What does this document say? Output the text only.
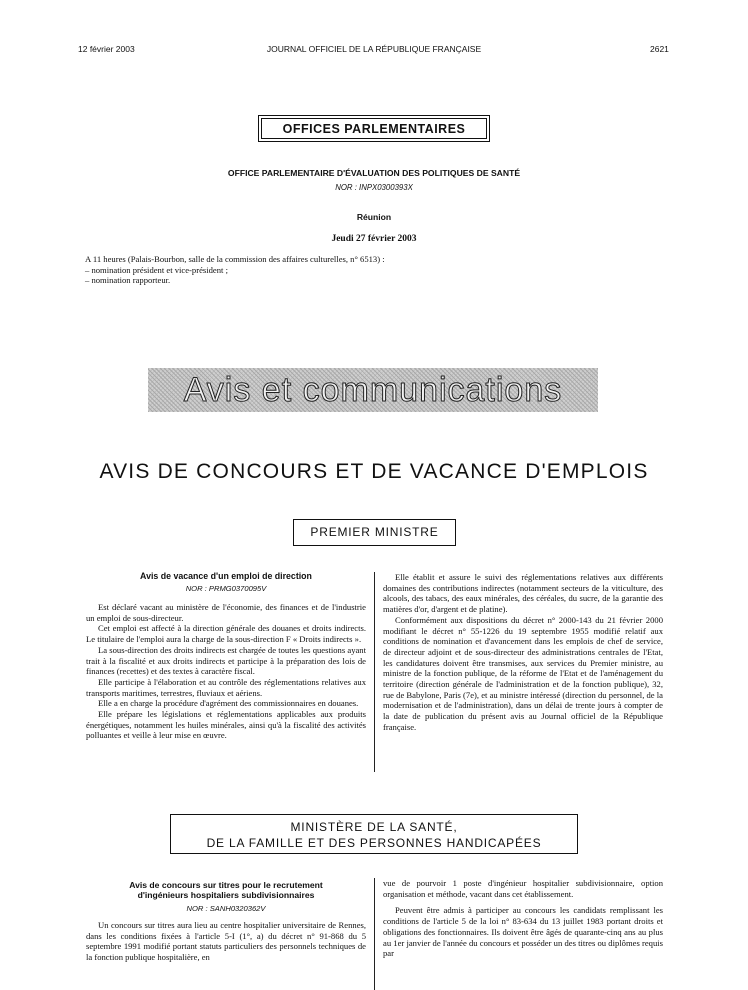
12 février 2003	JOURNAL OFFICIEL DE LA RÉPUBLIQUE FRANÇAISE	2621
OFFICES PARLEMENTAIRES
OFFICE PARLEMENTAIRE D'ÉVALUATION DES POLITIQUES DE SANTÉ
NOR : INPX0300393X
Réunion
Jeudi 27 février 2003
A 11 heures (Palais-Bourbon, salle de la commission des affaires culturelles, n° 6513) :
– nomination président et vice-président ;
– nomination rapporteur.
Avis et communications
AVIS DE CONCOURS ET DE VACANCE D'EMPLOIS
PREMIER MINISTRE
Avis de vacance d'un emploi de direction
NOR : PRMG0370095V

Est déclaré vacant au ministère de l'économie, des finances et de l'industrie un emploi de sous-directeur.

Cet emploi est affecté à la direction générale des douanes et droits indirects. Le titulaire de l'emploi aura la charge de la sous-direction F « Droits indirects ».

La sous-direction des droits indirects est chargée de toutes les questions ayant trait à la fiscalité et aux droits indirects et participe à la préparation des lois de finances (recettes) et des textes à caractère fiscal.

Elle participe à l'élaboration et au contrôle des réglementations relatives aux transports maritimes, terrestres, fluviaux et aériens.

Elle a en charge la procédure d'agrément des commissionnaires en douanes.

Elle prépare les législations et réglementations applicables aux produits énergétiques, notamment les huiles minérales, ainsi qu'à la fiscalité des activités polluantes et veille à leur mise en œuvre.

Elle établit et assure le suivi des réglementations relatives aux différents domaines des contributions indirectes (notamment secteurs de la viticulture, des alcools, des tabacs, des eaux minérales, des céréales, du sucre, de la garantie des matières d'or, d'argent et de platine).

Conformément aux dispositions du décret n° 2000-143 du 21 février 2000 modifiant le décret n° 55-1226 du 19 septembre 1955 modifié relatif aux conditions de nomination et d'avancement dans les emplois de chef de service, de directeur adjoint et de sous-directeur des administrations centrales de l'Etat, les candidatures doivent être transmises, aux services du Premier ministre, au ministre de la fonction publique, de la réforme de l'Etat et de l'aménagement du territoire (direction générale de l'administration et de la fonction publique), 32, rue de Babylone, Paris (7e), et au ministre intéressé (direction du personnel, de la modernisation et de l'administration), dans un délai de trente jours à compter de la date de publication du présent avis au Journal officiel de la République française.

MINISTÈRE DE LA SANTÉ,
DE LA FAMILLE ET DES PERSONNES HANDICAPÉES
Avis de concours sur titres pour le recrutement
d'ingénieurs hospitaliers subdivisionnaires
NOR : SANH0320362V

Un concours sur titres aura lieu au centre hospitalier universitaire de Rennes, dans les conditions fixées à l'article 5-I (1°, a) du décret n° 91-868 du 5 septembre 1991 modifié portant statuts particuliers des personnels techniques de la fonction publique hospitalière, en

vue de pourvoir 1 poste d'ingénieur hospitalier subdivisionnaire, option organisation et méthode, vacant dans cet établissement.

Peuvent être admis à participer au concours les candidats remplissant les conditions de l'article 5 de la loi n° 83-634 du 13 juillet 1983 portant droits et obligations des fonctionnaires. Ils doivent être âgés de quarante-cinq ans au plus au 1er janvier de l'année du concours et posséder un des titres ou diplômes requis par
